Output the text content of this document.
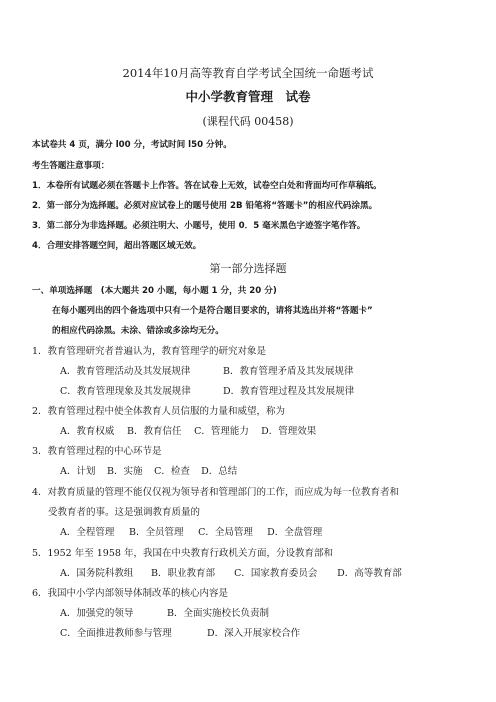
2014年10月高等教育自学考试全国统一命题考试
中小学教育管理　试卷
(课程代码 00458)
本试卷共 4 页，满分 l00 分，考试时间 l50 分钟。
考生答题注意事项：
1．本卷所有试题必须在答题卡上作答。答在试卷上无效，试卷空白处和背面均可作草稿纸。
2．第一部分为选择题。必须对应试卷上的题号使用 2B 铅笔将“答题卡”的相应代码涂黑。
3．第二部分为非选择题。必须注明大、小题号，使用 0．5 毫米黑色字迹签字笔作答。
4．合理安排答题空间，超出答题区域无效。
第一部分选择题
一、单项选择题　(本大题共 20 小题，每小题 1 分，共 20 分)
在每小题列出的四个备选项中只有一个是符合题目要求的，请将其选出并将“答题卡”
的相应代码涂黑。未涂、错涂或多涂均无分。
1．教育管理研究者普遍认为，教育管理学的研究对象是
A．教育管理活动及其发展规律	B．教育管理矛盾及其发展规律
C．教育管理现象及其发展规律	D．教育管理过程及其发展规律
2．教育管理过程中使全体教育人员信服的力量和威望，称为
A．教育权威 B．教育信任 C．管理能力 D．管理效果
3．教育管理过程的中心环节是
A．计划 B．实施 C．检查 D．总结
4．对教育质量的管理不能仅仅视为领导者和管理部门的工作，而应成为每一位教育者和
受教育者的事。这是强调教育质量的
A．全程管理 B．全员管理 C．全局管理 D．全盘管理
5．1952 年至 1958 年，我国在中央教育行政机关方面，分设教育部和
A．国务院科教组 B．职业教育部 C．国家教育委员会 D．高等教育部
6．我国中小学内部领导体制改革的核心内容是
A．加强党的领导	B．全面实施校长负责制
C．全面推进教师参与管理	D．深入开展家校合作
